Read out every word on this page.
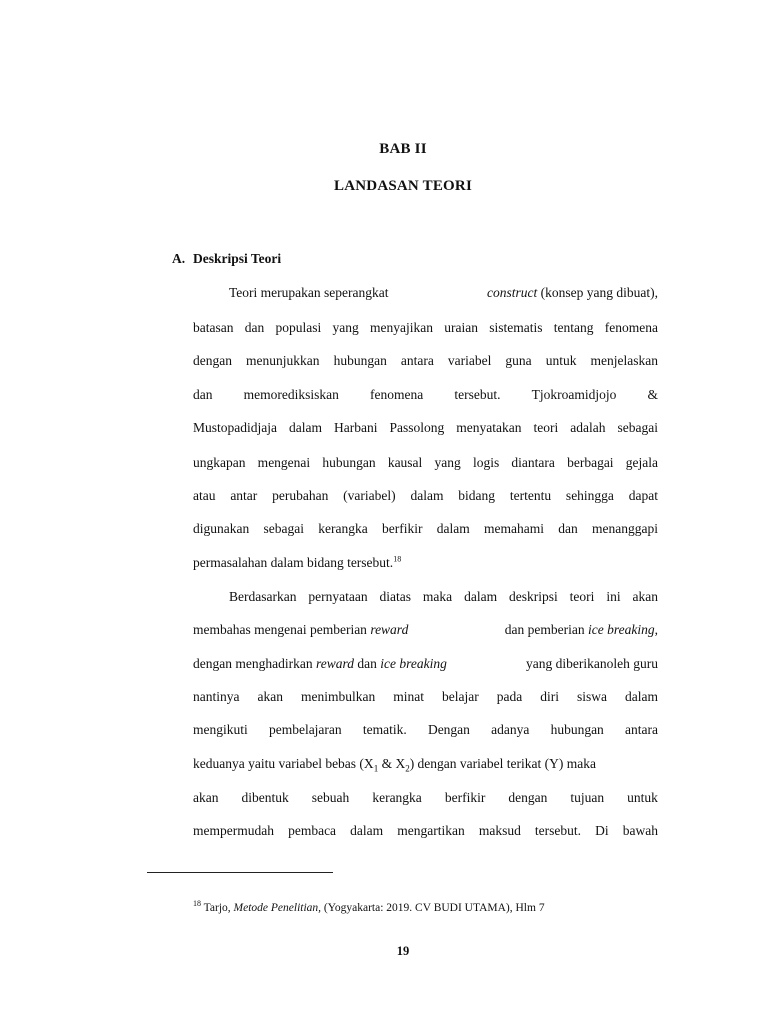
BAB II
LANDASAN TEORI
A. Deskripsi Teori
Teori merupakan seperangkat	construct (konsep yang dibuat),
batasan dan populasi yang menyajikan uraian sistematis tentang fenomena
dengan menunjukkan hubungan antara variabel guna untuk menjelaskan
dan memorediksiskan fenomena tersebut. Tjokroamidjojo &
Mustopadidjaja dalam Harbani Passolong menyatakan teori adalah sebagai
ungkapan mengenai hubungan kausal yang logis diantara berbagai gejala
atau antar perubahan (variabel) dalam bidang tertentu sehingga dapat
digunakan sebagai kerangka berfikir dalam memahami dan menanggapi
permasalahan dalam bidang tersebut.$^{18}$
Berdasarkan pernyataan diatas maka dalam deskripsi teori ini akan
membahas mengenai pemberian reward	dan pemberian ice breaking,
dengan menghadirkan reward dan ice breaking	yang diberikanoleh guru
nantinya akan menimbulkan minat belajar pada diri siswa dalam
mengikuti pembelajaran tematik. Dengan adanya hubungan antara
keduanya yaitu variabel bebas ($X_1$ & $X_2$) dengan variabel terikat (Y) maka
akan dibentuk sebuah kerangka berfikir dengan tujuan untuk
mempermudah pembaca dalam mengartikan maksud tersebut. Di bawah
$^{18}$ Tarjo, Metode Penelitian, (Yogyakarta: 2019. CV BUDI UTAMA), Hlm 7
19
